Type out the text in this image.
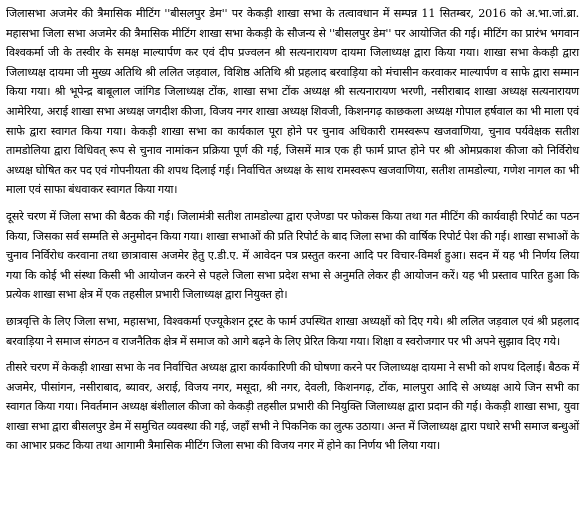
जिलासभा अजमेर की त्रैमासिक मीटिंग ''बीसलपुर डेम'' पर केकड़ी शाखा सभा के तत्वावधान में सम्पन्न 11 सितम्बर, 2016 को अ.भा.जां.ब्रा. महासभा जिला सभा अजमेर की त्रैमासिक मीटिंग शाखा सभा केकड़ी के सौजन्य से ''बीसलपुर डेम'' पर आयोजित की गई। मीटिंग का प्रारंभ भगवान विश्वकर्मा जी के तस्वीर के समक्ष माल्यार्पण कर एवं दीप प्रज्वलन श्री सत्यनारायण दायमा जिलाध्यक्ष द्वारा किया गया। शाखा सभा केकड़ी द्वारा जिलाध्यक्ष दायमा जी मुख्य अतिथि श्री ललित जड़वाल, विशिष्ठ अतिथि श्री प्रहलाद बरवाड़िया को मंचासीन करवाकर माल्यार्पण व साफे द्वारा सम्मान किया गया। श्री भूपेन्द्र बाबूलाल जांगिड जिलाध्यक्ष टोंक, शाखा सभा टोंक अध्यक्ष श्री सत्यनारायण भरणी, नसीराबाद शाखा अध्यक्ष सत्यनारायण आमेरिया, अराई शाखा सभा अध्यक्ष जगदीश कीजा, विजय नगर शाखा अध्यक्ष शिवजी, किशनगढ़ काछकला अध्यक्ष गोपाल हर्षवाल का भी माला एवं साफे द्वारा स्वागत किया गया। केकड़ी शाखा सभा का कार्यकाल पूरा होने पर चुनाव अधिकारी रामस्वरूप खजवाणिया, चुनाव पर्यवेक्षक सतीश तामडोलिया द्वारा विधिवत् रूप से चुनाव नामांकन प्रक्रिया पूर्ण की गई, जिसमें मात्र एक ही फार्म प्राप्त होने पर श्री ओमप्रकाश कीजा को निर्विरोध अध्यक्ष घोषित कर पद एवं गोपनीयता की शपथ दिलाई गई। निर्वाचित अध्यक्ष के साथ रामस्वरूप खजवाणिया, सतीश तामडोल्या, गणेश नागल का भी माला एवं साफा बंधवाकर स्वागत किया गया।

दूसरे चरण में जिला सभा की बैठक की गई। जिलामंत्री सतीश तामडोल्या द्वारा एजेण्डा पर फोकस किया तथा गत मीटिंग की कार्यवाही रिपोर्ट का पठन किया, जिसका सर्व सम्मति से अनुमोदन किया गया। शाखा सभाओं की प्रति रिपोर्ट के बाद जिला सभा की वार्षिक रिपोर्ट पेश की गई। शाखा सभाओं के चुनाव निर्विरोध करवाना तथा छात्रावास अजमेर हेतु ए.डी.ए. में आवेदन पत्र प्रस्तुत करना आदि पर विचार-विमर्श हुआ। सदन में यह भी निर्णय लिया गया कि कोई भी संस्था किसी भी आयोजन करने से पहले जिला सभा प्रदेश सभा से अनुमति लेकर ही आयोजन करें। यह भी प्रस्ताव पारित हुआ कि प्रत्येक शाखा सभा क्षेत्र में एक तहसील प्रभारी जिलाध्यक्ष द्वारा नियुक्त हो।

छात्रवृत्ति के लिए जिला सभा, महासभा, विश्वकर्मा एज्यूकेशन ट्रस्ट के फार्म उपस्थित शाखा अध्यक्षों को दिए गये। श्री ललित जड़वाल एवं श्री प्रहलाद बरवाड़िया ने समाज संगठन व राजनैतिक क्षेत्र में समाज को आगे बढ़ने के लिए प्रेरित किया गया। शिक्षा व स्वरोजगार पर भी अपने सुझाव दिए गये।

तीसरे चरण में केकड़ी शाखा सभा के नव निर्वाचित अध्यक्ष द्वारा कार्यकारिणी की घोषणा करने पर जिलाध्यक्ष दायमा ने सभी को शपथ दिलाई। बैठक में अजमेर, पीसांगन, नसीराबाद, ब्यावर, अराई, विजय नगर, मसूदा, श्री नगर, देवली, किशनगढ़, टोंक, मालपुरा आदि से अध्यक्ष आये जिन सभी का स्वागत किया गया। निवर्तमान अध्यक्ष बंशीलाल कीजा को केकड़ी तहसील प्रभारी की नियुक्ति जिलाध्यक्ष द्वारा प्रदान की गई। केकड़ी शाखा सभा, युवा शाखा सभा द्वारा बीसलपुर डेम में समुचित व्यवस्था की गई, जहाँ सभी ने पिकनिक का लुत्फ उठाया। अन्त में जिलाध्यक्ष द्वारा पधारे सभी समाज बन्धुओं का आभार प्रकट किया तथा आगामी त्रैमासिक मीटिंग जिला सभा की विजय नगर में होने का निर्णय भी लिया गया।
